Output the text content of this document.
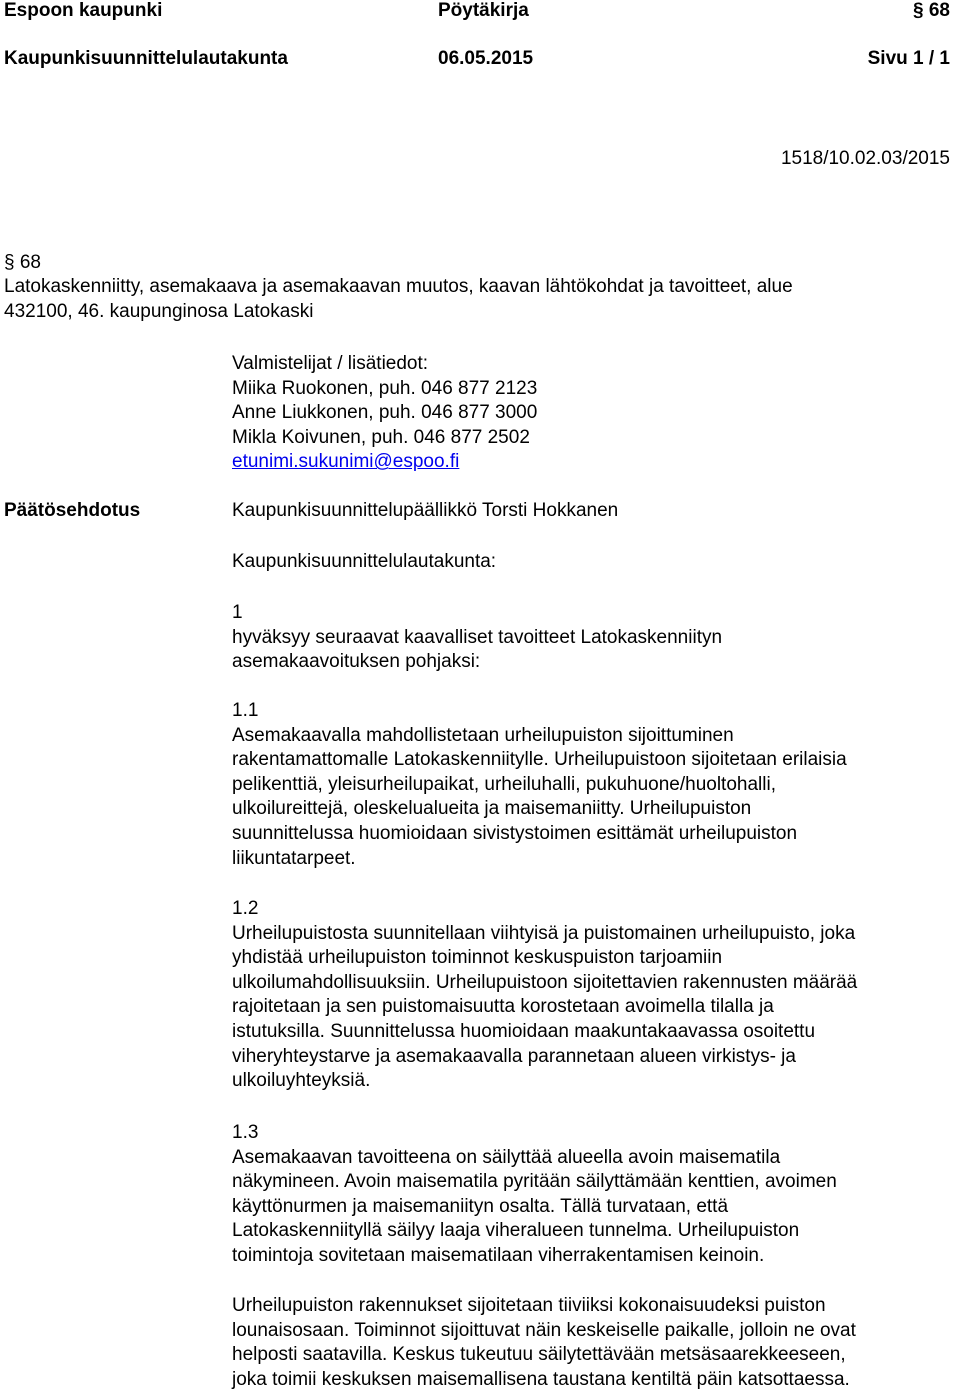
Espoon kaupunki	Pöytäkirja	§ 68
Kaupunkisuunnittelulautakunta	06.05.2015	Sivu 1 / 1
1518/10.02.03/2015
§ 68
Latokaskenniitty, asemakaava ja asemakaavan muutos, kaavan lähtökohdat ja tavoitteet, alue
432100, 46. kaupunginosa Latokaski
Valmistelijat / lisätiedot:
Miika Ruokonen, puh. 046 877 2123
Anne Liukkonen, puh. 046 877 3000
Mikla Koivunen, puh. 046 877 2502
etunimi.sukunimi@espoo.fi
Päätösehdotus	Kaupunkisuunnittelupäällikkö Torsti Hokkanen
Kaupunkisuunnittelulautakunta:
1
hyväksyy seuraavat kaavalliset tavoitteet Latokaskenniityn
asemakaavoituksen pohjaksi:
1.1
Asemakaavalla mahdollistetaan urheilupuiston sijoittuminen
rakentamattomalle Latokaskenniitylle. Urheilupuistoon sijoitetaan erilaisia
pelikenttiä, yleisurheilupaikat, urheiluhalli, pukuhuone/huoltohalli,
ulkoilureittejä, oleskelualueita ja maisemaniitty. Urheilupuiston
suunnittelussa huomioidaan sivistystoimen esittämät urheilupuiston
liikuntatarpeet.
1.2
Urheilupuistosta suunnitellaan viihtyisä ja puistomainen urheilupuisto, joka
yhdistää urheilupuiston toiminnot keskuspuiston tarjoamiin
ulkoilumahdollisuuksiin. Urheilupuistoon sijoitettavien rakennusten määrää
rajoitetaan ja sen puistomaisuutta korostetaan avoimella tilalla ja
istutuksilla. Suunnittelussa huomioidaan maakuntakaavassa osoitettu
viheryhteystarve ja asemakaavalla parannetaan alueen virkistys- ja
ulkoiluyhteyksiä.
1.3
Asemakaavan tavoitteena on säilyttää alueella avoin maisematila
näkymineen. Avoin maisematila pyritään säilyttämään kenttien, avoimen
käyttönurmen ja maisemaniityn osalta. Tällä turvataan, että
Latokaskenniityllä säilyy laaja viheralueen tunnelma. Urheilupuiston
toimintoja sovitetaan maisematilaan viherrakentamisen keinoin.
Urheilupuiston rakennukset sijoitetaan tiiviiksi kokonaisuudeksi puiston
lounaisosaan. Toiminnot sijoittuvat näin keskeiselle paikalle, jolloin ne ovat
helposti saatavilla. Keskus tukeutuu säilytettävään metsäsaarekkeeseen,
joka toimii keskuksen maisemallisena taustana kentiltä päin katsottaessa.
